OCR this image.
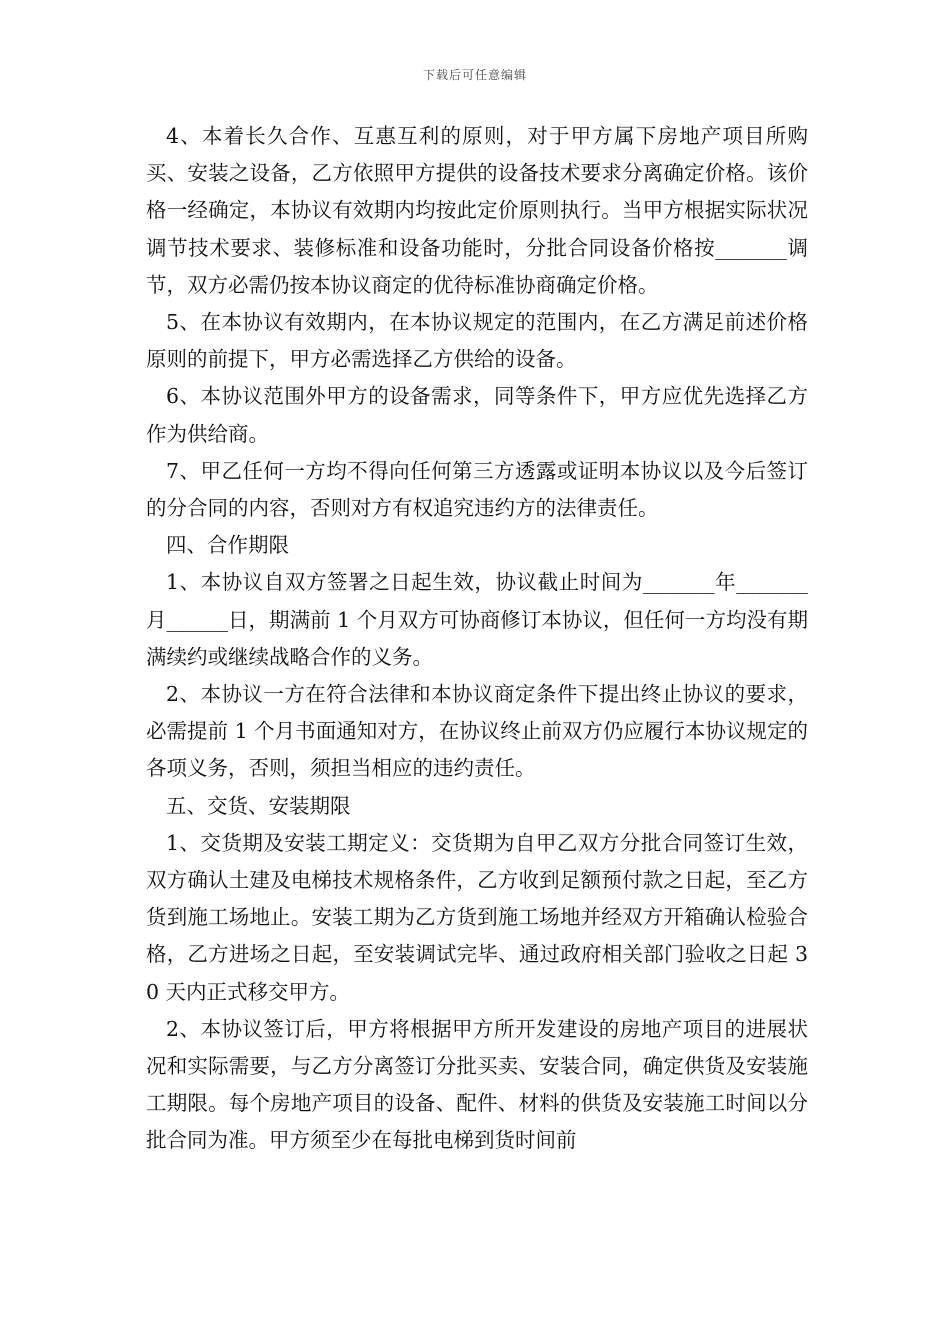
下载后可任意编辑

4、本着长久合作、互惠互利的原则，对于甲方属下房地产项目所购买、安装之设备，乙方依照甲方提供的设备技术要求分离确定价格。该价格一经确定，本协议有效期内均按此定价原则执行。当甲方根据实际状况调节技术要求、装修标准和设备功能时，分批合同设备价格按_______调节，双方必需仍按本协议商定的优待标准协商确定价格。

5、在本协议有效期内，在本协议规定的范围内，在乙方满足前述价格原则的前提下，甲方必需选择乙方供给的设备。

6、本协议范围外甲方的设备需求，同等条件下，甲方应优先选择乙方作为供给商。

7、甲乙任何一方均不得向任何第三方透露或证明本协议以及今后签订的分合同的内容，否则对方有权追究违约方的法律责任。

四、合作期限

1、本协议自双方签署之日起生效，协议截止时间为_______年_______月______日，期满前 1 个月双方可协商修订本协议，但任何一方均没有期满续约或继续战略合作的义务。

2、本协议一方在符合法律和本协议商定条件下提出终止协议的要求，必需提前 1 个月书面通知对方，在协议终止前双方仍应履行本协议规定的各项义务，否则，须担当相应的违约责任。

五、交货、安装期限

1、交货期及安装工期定义：交货期为自甲乙双方分批合同签订生效，双方确认土建及电梯技术规格条件，乙方收到足额预付款之日起，至乙方货到施工场地止。安装工期为乙方货到施工场地并经双方开箱确认检验合格，乙方进场之日起，至安装调试完毕、通过政府相关部门验收之日起 30 天内正式移交甲方。

2、本协议签订后，甲方将根据甲方所开发建设的房地产项目的进展状况和实际需要，与乙方分离签订分批买卖、安装合同，确定供货及安装施工期限。每个房地产项目的设备、配件、材料的供货及安装施工时间以分批合同为准。甲方须至少在每批电梯到货时间前
